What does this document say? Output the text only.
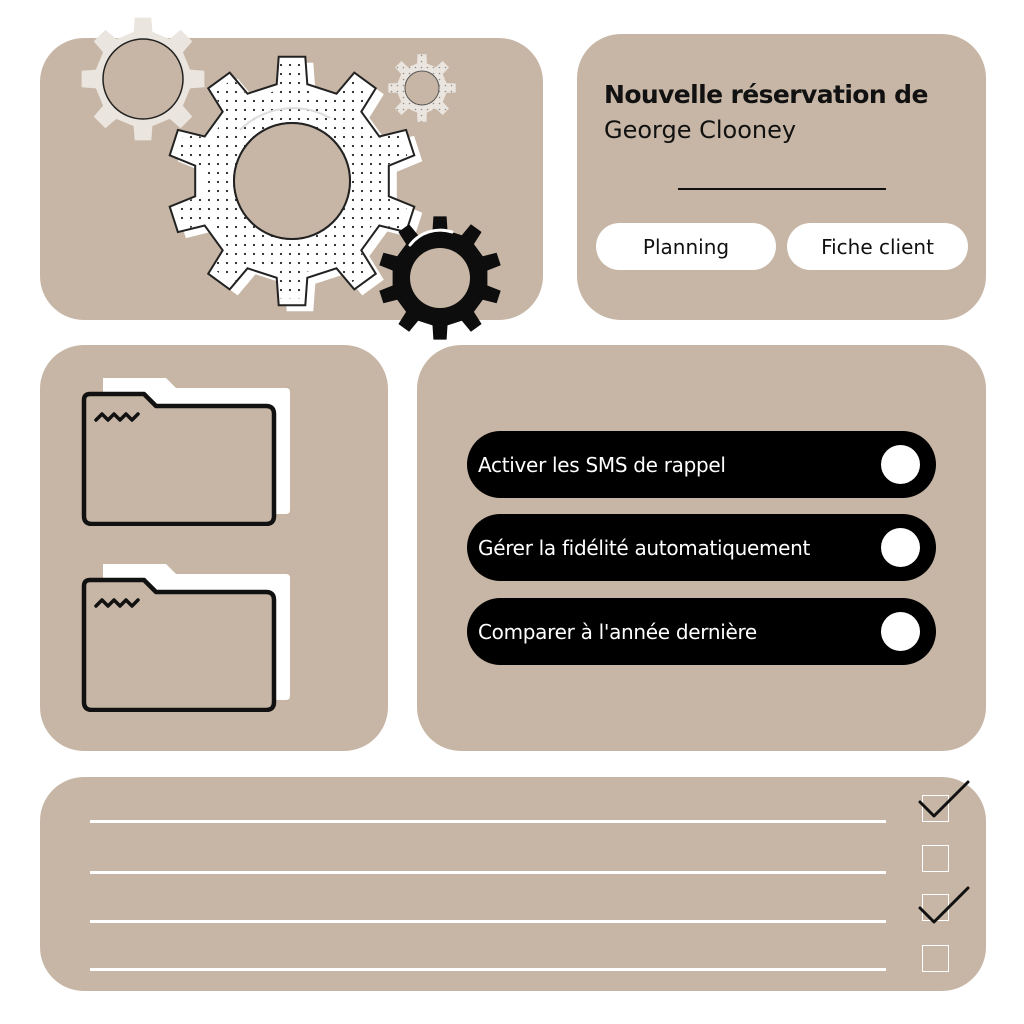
Nouvelle réservation de
George Clooney
Planning	Fiche client
Activer les SMS de rappel
Gérer la fidélité automatiquement
Comparer à l'année dernière
